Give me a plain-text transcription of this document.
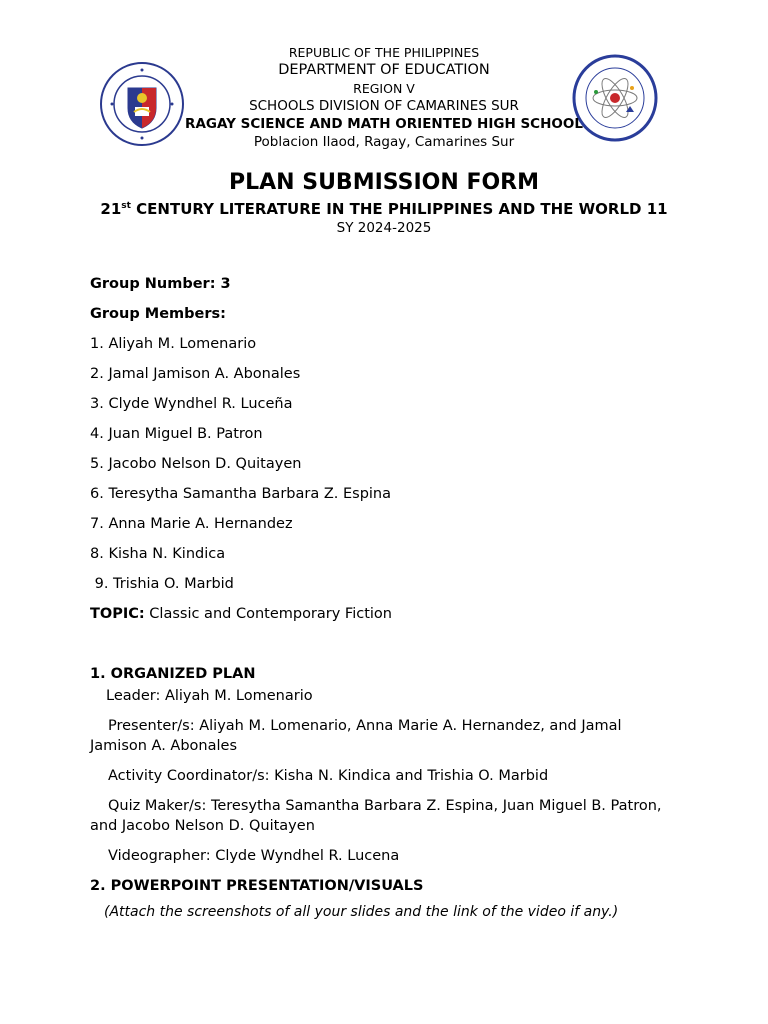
REPUBLIC OF THE PHILIPPINES
DEPARTMENT OF EDUCATION
REGION V
SCHOOLS DIVISION OF CAMARINES SUR
RAGAY SCIENCE AND MATH ORIENTED HIGH SCHOOL
Poblacion Ilaod, Ragay, Camarines Sur
PLAN SUBMISSION FORM
21st CENTURY LITERATURE IN THE PHILIPPINES AND THE WORLD 11
SY 2024-2025
Group Number: 3
Group Members:
1. Aliyah M. Lomenario
2. Jamal Jamison A. Abonales
3. Clyde Wyndhel R. Luceña
4. Juan Miguel B. Patron
5. Jacobo Nelson D. Quitayen
6. Teresytha Samantha Barbara Z. Espina
7. Anna Marie A. Hernandez
8. Kisha N. Kindica
9. Trishia O. Marbid
TOPIC: Classic and Contemporary Fiction
1. ORGANIZED PLAN
Leader: Aliyah M. Lomenario
Presenter/s: Aliyah M. Lomenario, Anna Marie A. Hernandez, and Jamal Jamison A. Abonales
Activity Coordinator/s: Kisha N. Kindica and Trishia O. Marbid
Quiz Maker/s: Teresytha Samantha Barbara Z. Espina, Juan Miguel B. Patron, and Jacobo Nelson D. Quitayen
Videographer: Clyde Wyndhel R. Lucena
2. POWERPOINT PRESENTATION/VISUALS
(Attach the screenshots of all your slides and the link of the video if any.)
